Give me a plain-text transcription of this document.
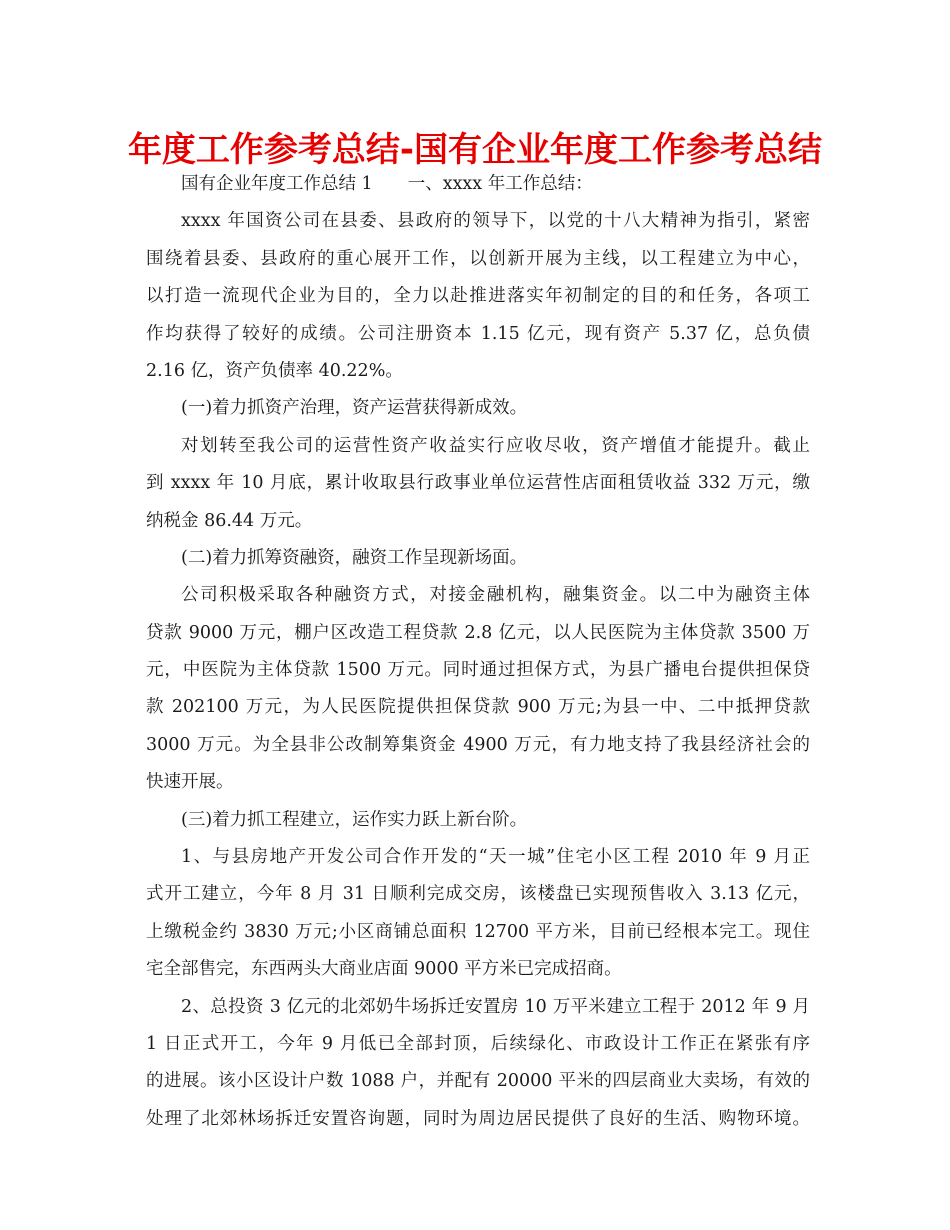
年度工作参考总结-国有企业年度工作参考总结
国有企业年度工作总结 1　　一、xxxx 年工作总结：
xxxx 年国资公司在县委、县政府的领导下，以党的十八大精神为指引，紧密
围绕着县委、县政府的重心展开工作，以创新开展为主线，以工程建立为中心，
以打造一流现代企业为目的，全力以赴推进落实年初制定的目的和任务，各项工
作均获得了较好的成绩。公司注册资本 1.15 亿元，现有资产 5.37 亿，总负债
2.16 亿，资产负债率 40.22%。
(一)着力抓资产治理，资产运营获得新成效。
对划转至我公司的运营性资产收益实行应收尽收，资产增值才能提升。截止
到 xxxx 年 10 月底，累计收取县行政事业单位运营性店面租赁收益 332 万元，缴
纳税金 86.44 万元。
(二)着力抓筹资融资，融资工作呈现新场面。
公司积极采取各种融资方式，对接金融机构，融集资金。以二中为融资主体
贷款 9000 万元，棚户区改造工程贷款 2.8 亿元，以人民医院为主体贷款 3500 万
元，中医院为主体贷款 1500 万元。同时通过担保方式，为县广播电台提供担保贷
款 202100 万元，为人民医院提供担保贷款 900 万元;为县一中、二中抵押贷款
3000 万元。为全县非公改制筹集资金 4900 万元，有力地支持了我县经济社会的
快速开展。
(三)着力抓工程建立，运作实力跃上新台阶。
1、与县房地产开发公司合作开发的“天一城”住宅小区工程 2010 年 9 月正
式开工建立，今年 8 月 31 日顺利完成交房，该楼盘已实现预售收入 3.13 亿元，
上缴税金约 3830 万元;小区商铺总面积 12700 平方米，目前已经根本完工。现住
宅全部售完，东西两头大商业店面 9000 平方米已完成招商。
2、总投资 3 亿元的北郊奶牛场拆迁安置房 10 万平米建立工程于 2012 年 9 月
1 日正式开工，今年 9 月低已全部封顶，后续绿化、市政设计工作正在紧张有序
的进展。该小区设计户数 1088 户，并配有 20000 平米的四层商业大卖场，有效的
处理了北郊林场拆迁安置咨询题，同时为周边居民提供了良好的生活、购物环境。
